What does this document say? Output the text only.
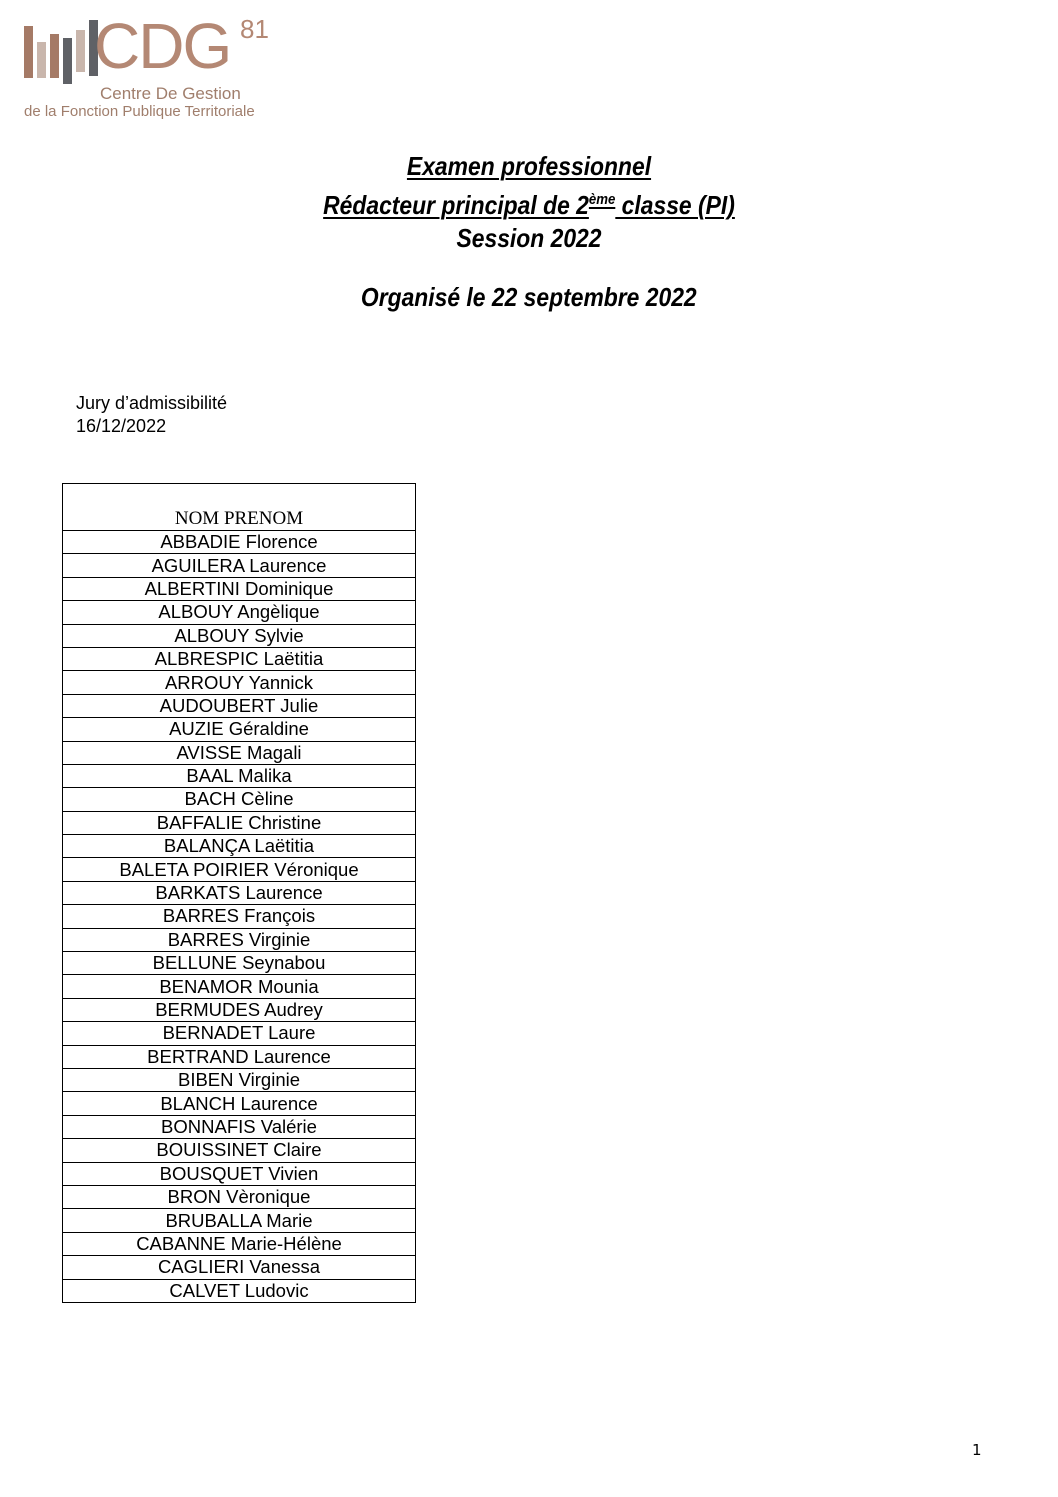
CDG 81
Centre De Gestion
de la Fonction Publique Territoriale
Examen professionnel
Rédacteur principal de 2ème classe (PI)
Session 2022
Organisé le 22 septembre 2022
Jury d’admissibilité
16/12/2022
NOM PRENOM
ABBADIE Florence
AGUILERA Laurence
ALBERTINI Dominique
ALBOUY Angèlique
ALBOUY Sylvie
ALBRESPIC Laëtitia
ARROUY Yannick
AUDOUBERT Julie
AUZIE Géraldine
AVISSE Magali
BAAL Malika
BACH Cèline
BAFFALIE Christine
BALANÇA Laëtitia
BALETA POIRIER Véronique
BARKATS Laurence
BARRES François
BARRES Virginie
BELLUNE Seynabou
BENAMOR Mounia
BERMUDES Audrey
BERNADET Laure
BERTRAND Laurence
BIBEN Virginie
BLANCH Laurence
BONNAFIS Valérie
BOUISSINET Claire
BOUSQUET Vivien
BRON Vèronique
BRUBALLA Marie
CABANNE Marie-Hélène
CAGLIERI Vanessa
CALVET Ludovic
1
